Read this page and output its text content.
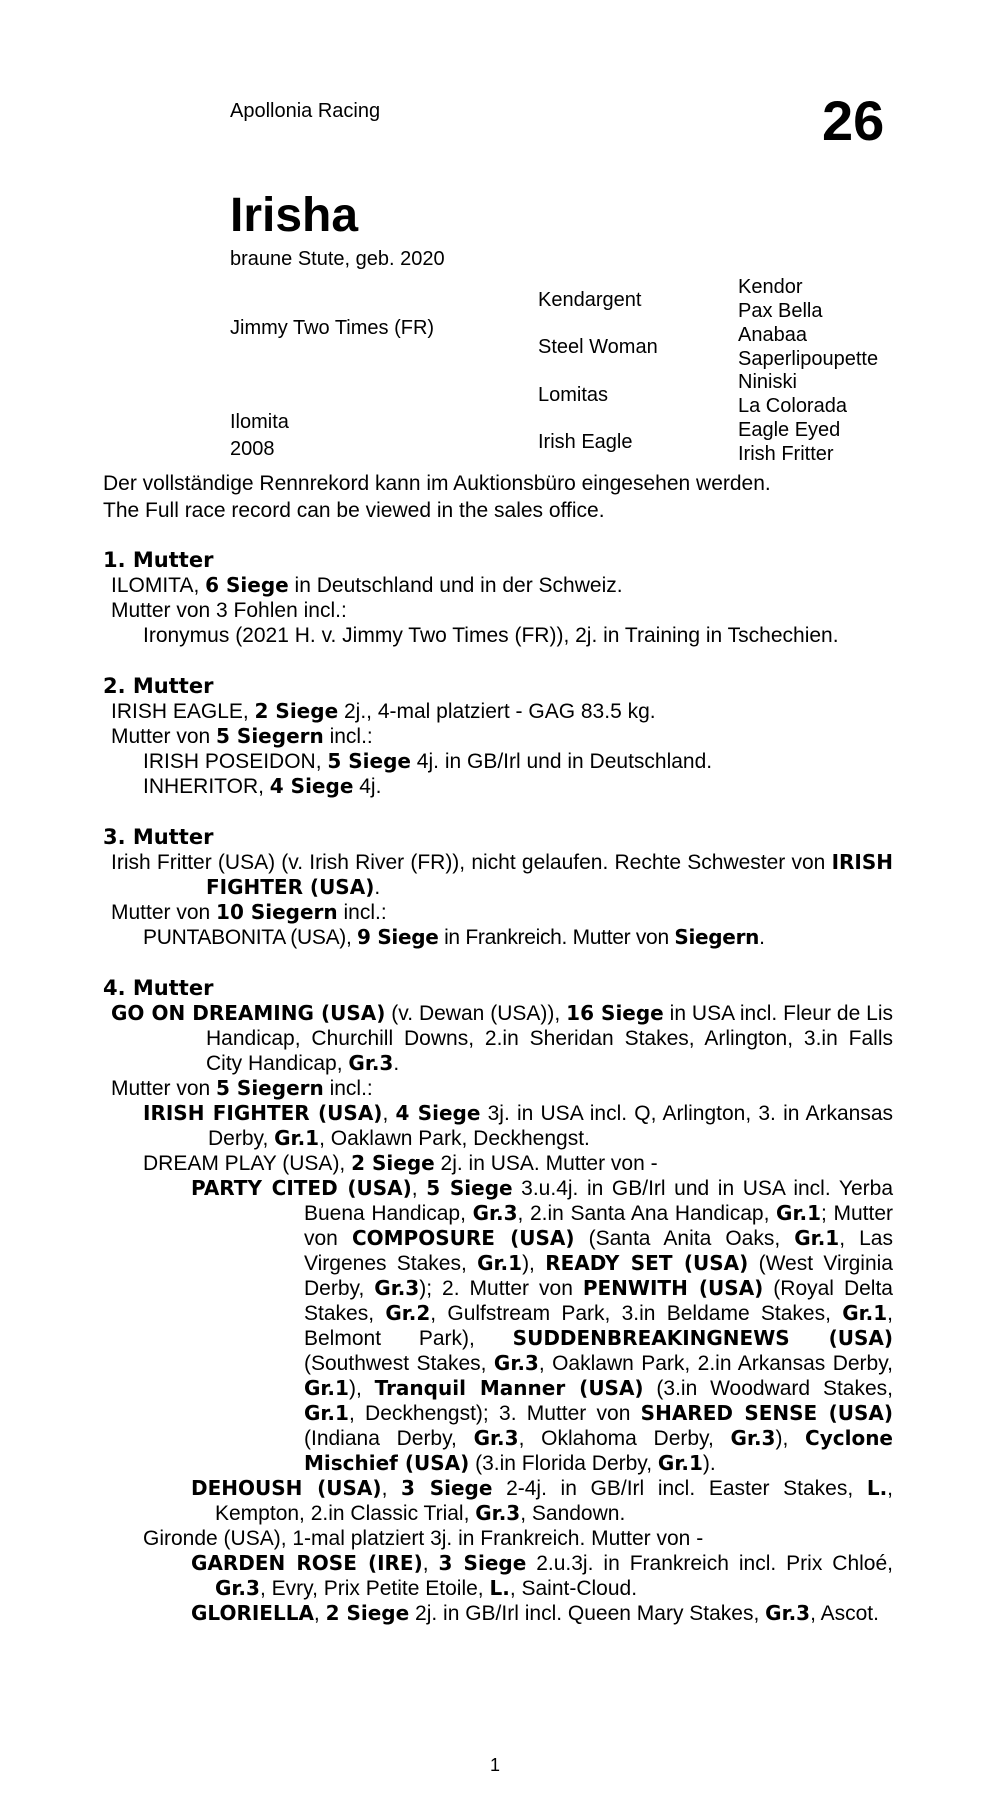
Apollonia Racing	26
Irisha
braune Stute, geb. 2020
Jimmy Two Times (FR)
Ilomita
2008
Kendargent
Steel Woman
Lomitas
Irish Eagle
Kendor
Pax Bella
Anabaa
Saperlipoupette
Niniski
La Colorada
Eagle Eyed
Irish Fritter
Der vollständige Rennrekord kann im Auktionsbüro eingesehen werden.
The Full race record can be viewed in the sales office.
1. Mutter
ILOMITA, 6 Siege in Deutschland und in der Schweiz.
Mutter von 3 Fohlen incl.:
Ironymus (2021 H. v. Jimmy Two Times (FR)), 2j. in Training in Tschechien.
2. Mutter
IRISH EAGLE, 2 Siege 2j., 4-mal platziert - GAG 83.5 kg.
Mutter von 5 Siegern incl.:
IRISH POSEIDON, 5 Siege 4j. in GB/Irl und in Deutschland.
INHERITOR, 4 Siege 4j.
3. Mutter
Irish Fritter (USA) (v. Irish River (FR)), nicht gelaufen. Rechte Schwester von IRISH FIGHTER (USA).
Mutter von 10 Siegern incl.:
PUNTABONITA (USA), 9 Siege in Frankreich. Mutter von Siegern.
4. Mutter
GO ON DREAMING (USA) (v. Dewan (USA)), 16 Siege in USA incl. Fleur de Lis Handicap, Churchill Downs, 2.in Sheridan Stakes, Arlington, 3.in Falls City Handicap, Gr.3.
Mutter von 5 Siegern incl.:
IRISH FIGHTER (USA), 4 Siege 3j. in USA incl. Q, Arlington, 3. in Arkansas Derby, Gr.1, Oaklawn Park, Deckhengst.
DREAM PLAY (USA), 2 Siege 2j. in USA. Mutter von -
PARTY CITED (USA), 5 Siege 3.u.4j. in GB/Irl und in USA incl. Yerba Buena Handicap, Gr.3, 2.in Santa Ana Handicap, Gr.1; Mutter von COMPOSURE (USA) (Santa Anita Oaks, Gr.1, Las Virgenes Stakes, Gr.1), READY SET (USA) (West Virginia Derby, Gr.3); 2. Mutter von PENWITH (USA) (Royal Delta Stakes, Gr.2, Gulfstream Park, 3.in Beldame Stakes, Gr.1, Belmont Park), SUDDENBREAKINGNEWS (USA) (Southwest Stakes, Gr.3, Oaklawn Park, 2.in Arkansas Derby, Gr.1), Tranquil Manner (USA) (3.in Woodward Stakes, Gr.1, Deckhengst); 3. Mutter von SHARED SENSE (USA) (Indiana Derby, Gr.3, Oklahoma Derby, Gr.3), Cyclone Mischief (USA) (3.in Florida Derby, Gr.1).
DEHOUSH (USA), 3 Siege 2-4j. in GB/Irl incl. Easter Stakes, L., Kempton, 2.in Classic Trial, Gr.3, Sandown.
Gironde (USA), 1-mal platziert 3j. in Frankreich. Mutter von -
GARDEN ROSE (IRE), 3 Siege 2.u.3j. in Frankreich incl. Prix Chloé, Gr.3, Evry, Prix Petite Etoile, L., Saint-Cloud.
GLORIELLA, 2 Siege 2j. in GB/Irl incl. Queen Mary Stakes, Gr.3, Ascot.
1
